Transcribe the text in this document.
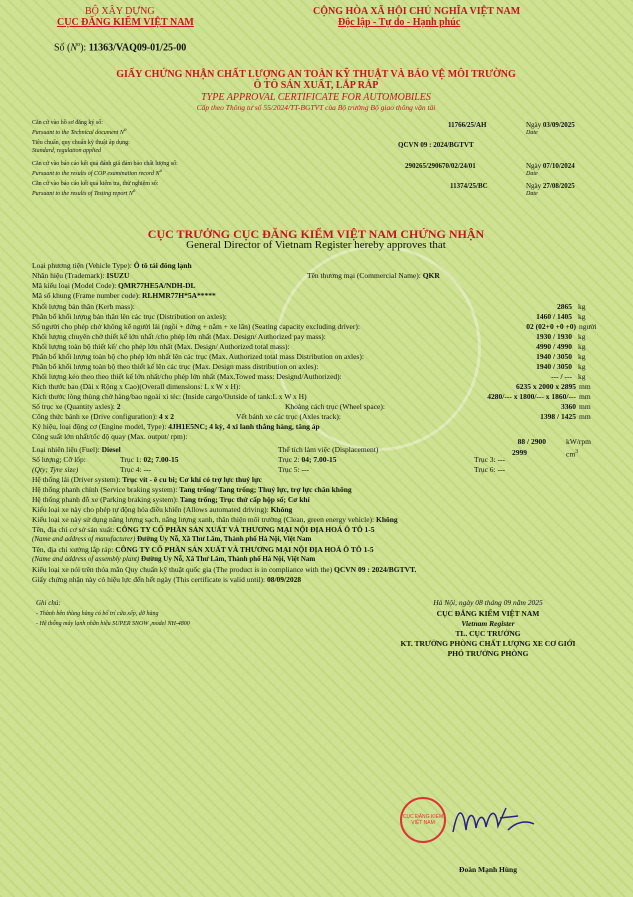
BỘ XÂY DỰNG
CỤC ĐĂNG KIỂM VIỆT NAM
CỘNG HÒA XÃ HỘI CHỦ NGHĨA VIỆT NAM
Độc lập - Tự do - Hạnh phúc
Số $(N^o)$: 11363/VAQ09-01/25-00
GIẤY CHỨNG NHẬN CHẤT LƯỢNG AN TOÀN KỸ THUẬT VÀ BẢO VỆ MÔI TRƯỜNG
Ô TÔ SẢN XUẤT, LẮP RÁP
TYPE APPROVAL CERTIFICATE FOR AUTOMOBILES
Cấp theo Thông tư số 55/2024/TT-BGTVT của Bộ trưởng Bộ giao thông vận tải
Căn cứ vào hồ sơ đăng ký số:
Pursuant to the Technical document $N^o$
11766/25/AH	Ngày 03/09/2025
Date
Tiêu chuẩn, quy chuẩn kỹ thuật áp dụng:
Standard, regulation applied
QCVN 09 : 2024/BGTVT
Căn cứ vào báo cáo kết quả đánh giá đảm bảo chất lượng số:
Pursuant to the results of COP examination record $N^o$
290265/290670/02/24/01	Ngày 07/10/2024
Date
Căn cứ vào báo cáo kết quả kiểm tra, thử nghiệm số:
Pursuant to the results of Testing report $N^o$
11374/25/BC	Ngày 27/08/2025
Date
CỤC TRƯỞNG CỤC ĐĂNG KIỂM VIỆT NAM CHỨNG NHẬN
General Director of Vietnam Register hereby approves that
Loại phương tiện (Vehicle Type): Ô tô tải đông lạnh
Nhãn hiệu (Trademark): ISUZU	Tên thương mại (Commercial Name): QKR
Mã kiểu loại (Model Code): QMR77HE5A/NDH-DL
Mã số khung (Frame number code): RLHMR77H*5A*****
Khối lượng bản thân (Kerb mass):	2865 kg
Phân bố khối lượng bản thân lên các trục (Distribution on axles):	1460 / 1405 kg
Số người cho phép chở không kể người lái (ngồi + đứng + nằm + xe lăn) (Seating capacity excluding driver):	02 (02+0 +0 +0) người
Khối lượng chuyên chở thiết kế lớn nhất /cho phép lớn nhất (Max. Design/ Authorized pay mass):	1930 / 1930 kg
Khối lượng toàn bộ thiết kế/ cho phép lớn nhất (Max. Design/ Authorized total mass):	4990 / 4990 kg
Phân bố khối lượng toàn bộ cho phép lớn nhất lên các trục (Max. Authorized total mass Distribution on axles):	1940 / 3050 kg
Phân bố khối lượng toàn bộ theo thiết kế lên các trục (Max. Design mass distribution on axles):	1940 / 3050 kg
Khối lượng kéo theo theo thiết kế lớn nhất/cho phép lớn nhất (Max.Towed mass: Designd/Authorized):	--- / --- kg
Kích thước bao (Dài x Rộng x Cao)(Overall dimensions: L x W x H):	6235 x 2000 x 2895 mm
Kích thước lòng thùng chở hàng/bao ngoài xi téc: (Inside cargo/Outside of tank:L x W x H)	4280/--- x 1800/--- x 1860/--- mm
Số trục xe (Quantity axles): 2	Khoảng cách trục (Wheel space):	3360 mm
Công thức bánh xe (Drive configuration): 4 x 2	Vết bánh xe các trục (Axles track):	1398 / 1425 mm
Ký hiệu, loại động cơ (Engine model, Type): 4JH1E5NC; 4 kỳ, 4 xi lanh thẳng hàng, tăng áp
Công suất lớn nhất/tốc độ quay (Max. output/ rpm):
88 / 2900	kW/rpm
Loại nhiên liệu (Fuel): Diesel	Thể tích làm việc (Displacement)	2999	$cm^3$
Số lượng; Cỡ lốp:
(Qty; Tyre size)
Trục 1: 02; 7.00-15	Trục 2: 04; 7.00-15	Trục 3: ---
Trục 4: ---	Trục 5: ---	Trục 6: ---
Hệ thống lái (Driver system): Trục vít - ê cu bi; Cơ khí có trợ lực thuỷ lực
Hệ thống phanh chính (Service braking system): Tang trống/ Tang trống; Thuỷ lực, trợ lực chân không
Hệ thống phanh đỗ xe (Parking braking system): Tang trống; Trục thứ cấp hộp số; Cơ khí
Kiểu loại xe này cho phép tự động hóa điều khiển (Allows automated driving): Không
Kiểu loại xe này sử dụng năng lượng sạch, năng lượng xanh, thân thiện môi trường (Clean, green energy vehicle): Không
Tên, địa chỉ cơ sở sản xuất: CÔNG TY CỔ PHẦN SẢN XUẤT VÀ THƯƠNG MẠI NỘI ĐỊA HOÁ Ô TÔ 1-5
(Name and address of manufacturer) Đường Uy Nỗ, Xã Thư Lâm, Thành phố Hà Nội, Việt Nam
Tên, địa chỉ xưởng lắp ráp: CÔNG TY CỔ PHẦN SẢN XUẤT VÀ THƯƠNG MẠI NỘI ĐỊA HOÁ Ô TÔ 1-5
(Name and address of assembly plant) Đường Uy Nỗ, Xã Thư Lâm, Thành phố Hà Nội, Việt Nam
Kiểu loại xe nói trên thỏa mãn Quy chuẩn kỹ thuật quốc gia (The product is in compliance with the) QCVN 09 : 2024/BGTVT.
Giấy chứng nhận này có hiệu lực đến hết ngày (This certificate is valid until): 08/09/2028
Ghi chú:
- Thành bên thùng hàng có bố trí cửa xếp, dỡ hàng
- Hệ thống máy lạnh nhãn hiệu SUPER SNOW ,model NH-4800
Hà Nội, ngày 08 tháng 09 năm 2025
CỤC ĐĂNG KIỂM VIỆT NAM
Vietnam Register
TL. CỤC TRƯỞNG
KT. TRƯỞNG PHÒNG CHẤT LƯỢNG XE CƠ GIỚI
PHÓ TRƯỞNG PHÒNG
CỤC ĐĂNG KIỂM VIỆT NAM
Đoàn Mạnh Hùng
